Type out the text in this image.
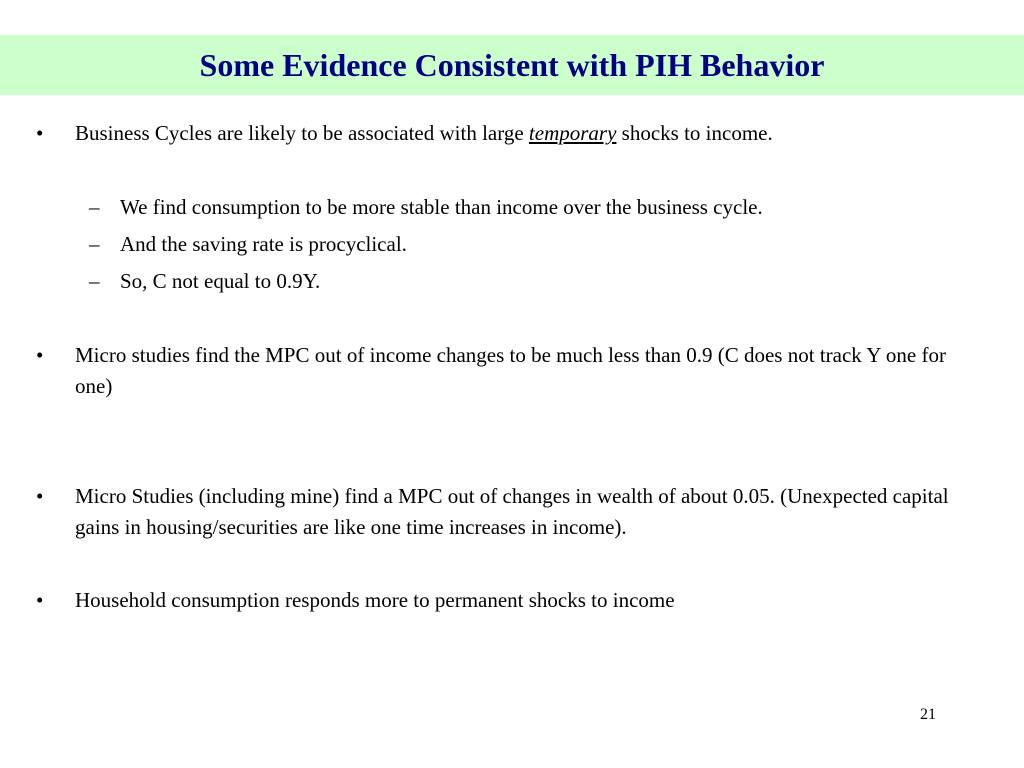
Some Evidence Consistent with PIH Behavior
• Business Cycles are likely to be associated with large temporary shocks to income.
– We find consumption to be more stable than income over the business cycle.
– And the saving rate is procyclical.
– So, C not equal to 0.9Y.
• Micro studies find the MPC out of income changes to be much less than 0.9 (C does not track Y one for one)
• Micro Studies (including mine) find a MPC out of changes in wealth of about 0.05. (Unexpected capital gains in housing/securities are like one time increases in income).
• Household consumption responds more to permanent shocks to income
21
